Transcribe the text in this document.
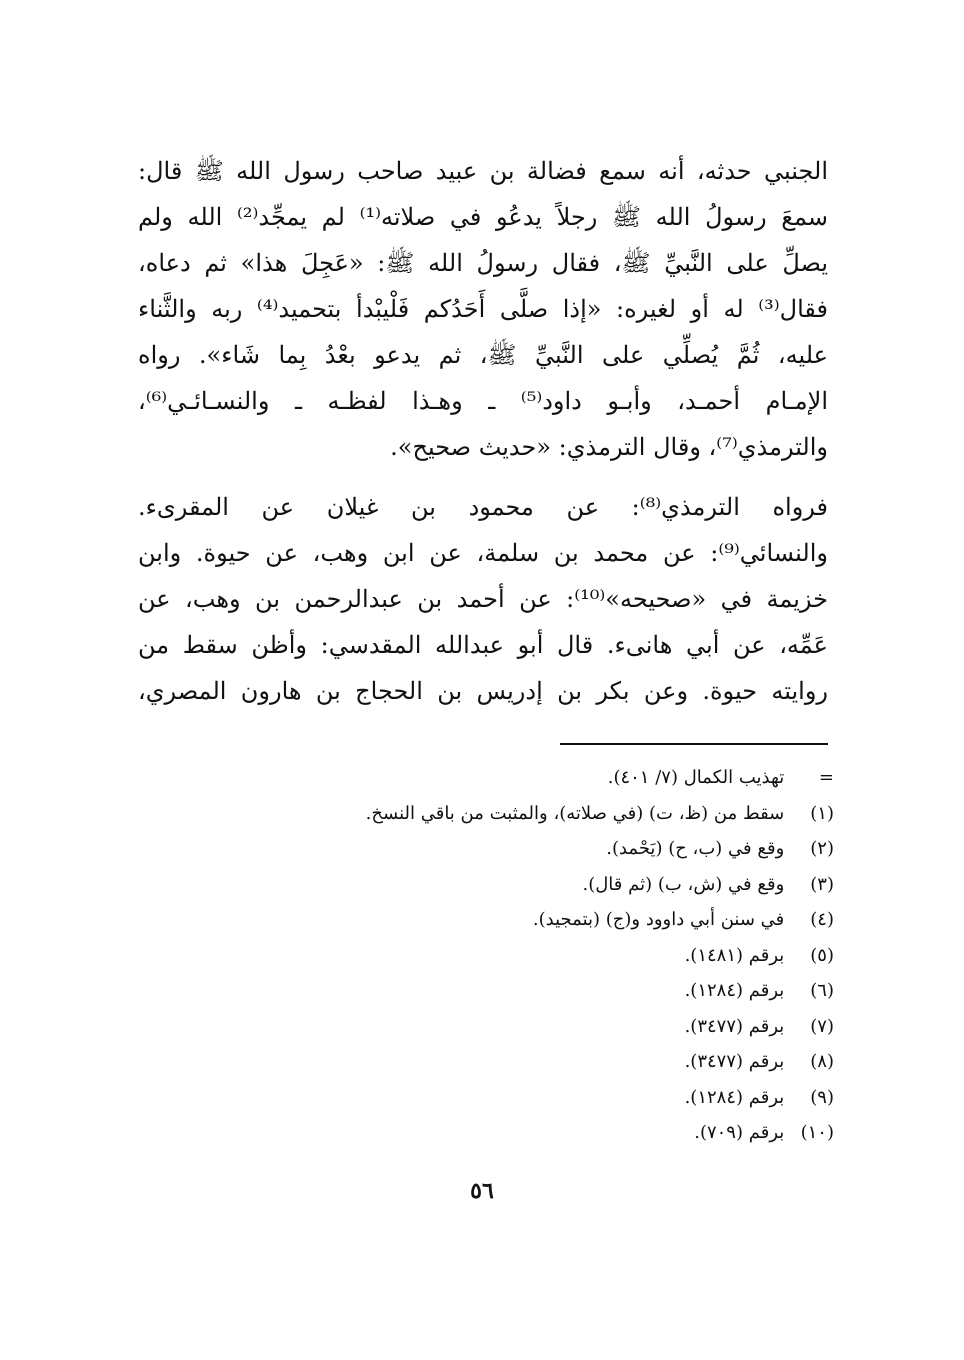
الجنبي حدثه، أنه سمع فضالة بن عبيد صاحب رسول الله ﷺ قال:
سمعَ رسولُ الله ﷺ رجلاً يدعُو في صلاته⁽¹⁾ لم يمجِّد⁽²⁾ الله ولم
يصلِّ على النَّبيِّ ﷺ، فقال رسولُ الله ﷺ: «عَجِلَ هذا» ثم دعاه،
فقال⁽³⁾ له أو لغيره: «إذا صلَّى أَحَدُكم فَلْيبْدأ بتحميد⁽⁴⁾ ربه والثَّناء
عليه، ثُمَّ يُصلِّي على النَّبيِّ ﷺ، ثم يدعو بعْدُ بِما شَاء». رواه
الإمـام أحمـد، وأبـو داود⁽⁵⁾ ـ وهـذا لفظـه ـ والنسـائـي⁽⁶⁾،
والترمذي⁽⁷⁾، وقال الترمذي: «حديث صحيح».
فرواه الترمذي⁽⁸⁾: عن محمود بن غيلان عن المقرىء.
والنسائي⁽⁹⁾: عن محمد بن سلمة، عن ابن وهب، عن حيوة. وابن
خزيمة في «صحيحه»⁽¹⁰⁾: عن أحمد بن عبدالرحمن بن وهب، عن
عَمِّه، عن أبي هانىء. قال أبو عبدالله المقدسي: وأظن سقط من
روايته حيوة. وعن بكر بن إدريس بن الحجاج بن هارون المصري،
= تهذيب الكمال (٧/ ٤٠١).
(١) سقط من (ظ، ت) (في صلاته)، والمثبت من باقي النسخ.
(٢) وقع في (ب، ح) (يَحْمد).
(٣) وقع في (ش، ب) (ثم قال).
(٤) في سنن أبي داوود و(ج) (بتمجيد).
(٥) برقم (١٤٨١).
(٦) برقم (١٢٨٤).
(٧) برقم (٣٤٧٧).
(٨) برقم (٣٤٧٧).
(٩) برقم (١٢٨٤).
(١٠) برقم (٧٠٩).
٥٦
